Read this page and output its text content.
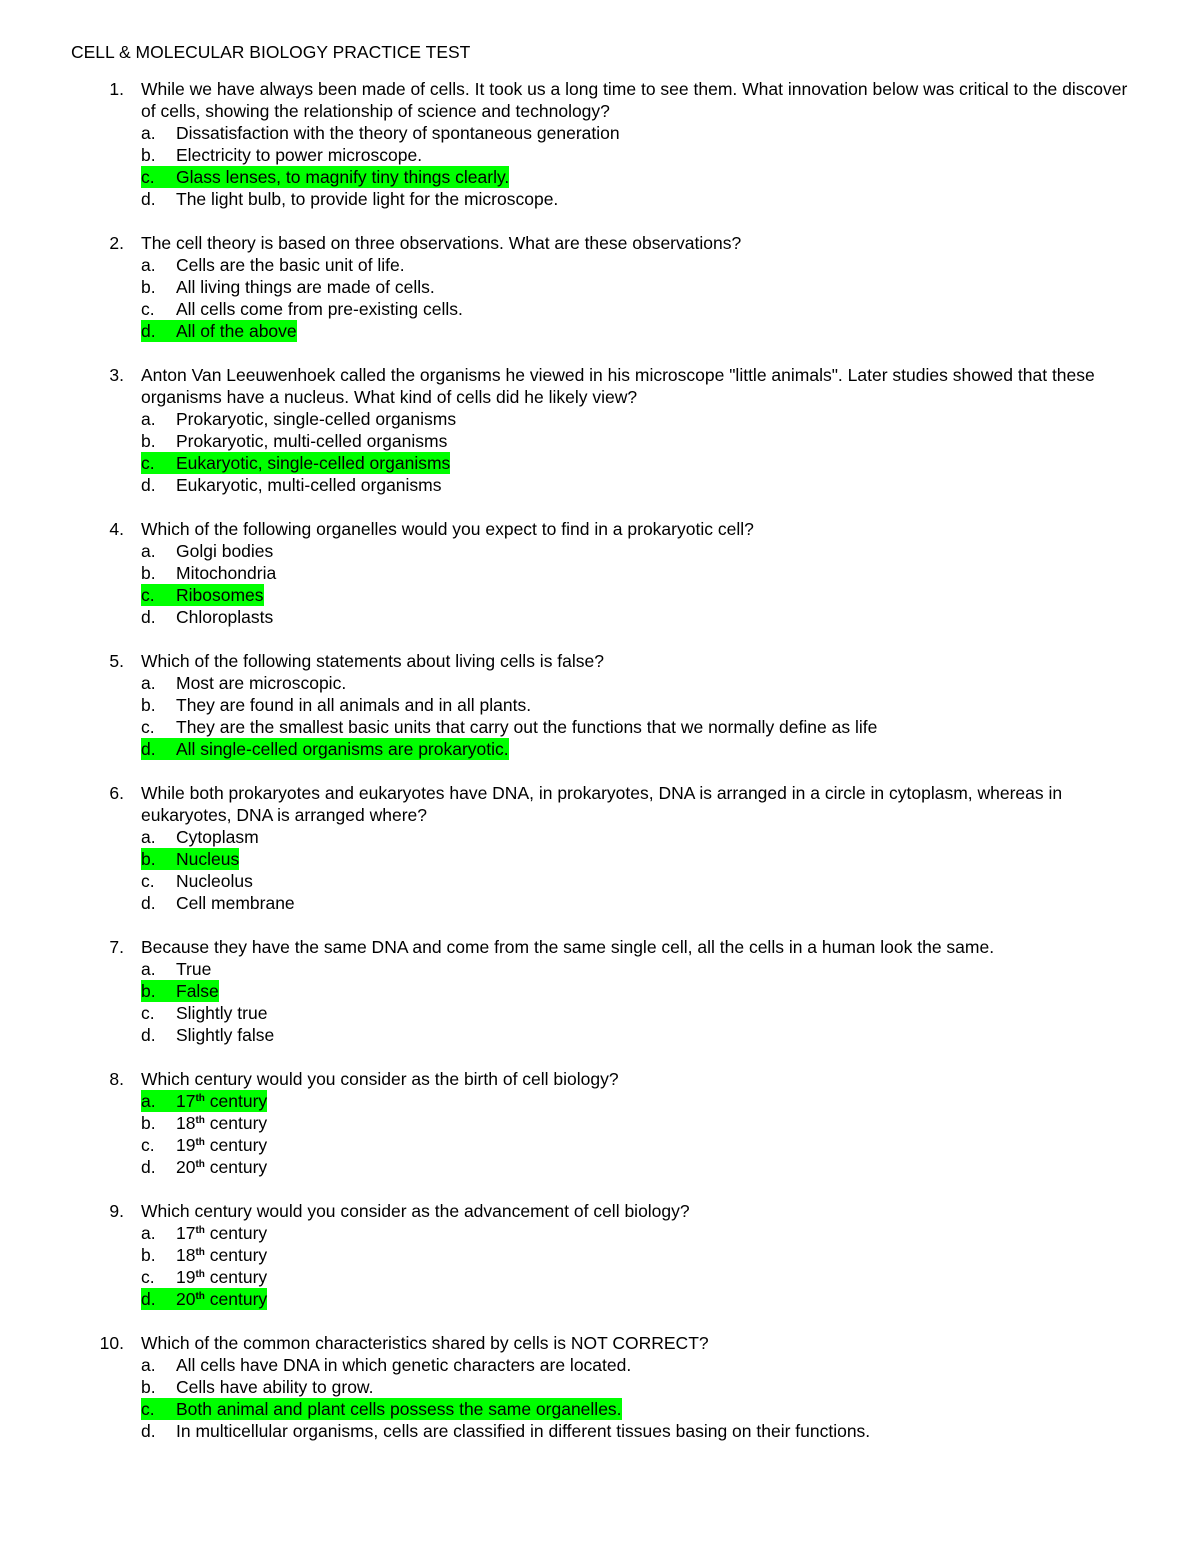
CELL & MOLECULAR BIOLOGY PRACTICE TEST
1. While we have always been made of cells. It took us a long time to see them. What innovation below was critical to the discover of cells, showing the relationship of science and technology?
a. Dissatisfaction with the theory of spontaneous generation
b. Electricity to power microscope.
c. Glass lenses, to magnify tiny things clearly.
d. The light bulb, to provide light for the microscope.
2. The cell theory is based on three observations. What are these observations?
a. Cells are the basic unit of life.
b. All living things are made of cells.
c. All cells come from pre-existing cells.
d. All of the above
3. Anton Van Leeuwenhoek called the organisms he viewed in his microscope "little animals". Later studies showed that these organisms have a nucleus. What kind of cells did he likely view?
a. Prokaryotic, single-celled organisms
b. Prokaryotic, multi-celled organisms
c. Eukaryotic, single-celled organisms
d. Eukaryotic, multi-celled organisms
4. Which of the following organelles would you expect to find in a prokaryotic cell?
a. Golgi bodies
b. Mitochondria
c. Ribosomes
d. Chloroplasts
5. Which of the following statements about living cells is false?
a. Most are microscopic.
b. They are found in all animals and in all plants.
c. They are the smallest basic units that carry out the functions that we normally define as life
d. All single-celled organisms are prokaryotic.
6. While both prokaryotes and eukaryotes have DNA, in prokaryotes, DNA is arranged in a circle in cytoplasm, whereas in eukaryotes, DNA is arranged where?
a. Cytoplasm
b. Nucleus
c. Nucleolus
d. Cell membrane
7. Because they have the same DNA and come from the same single cell, all the cells in a human look the same.
a. True
b. False
c. Slightly true
d. Slightly false
8. Which century would you consider as the birth of cell biology?
a. 17th century
b. 18th century
c. 19th century
d. 20th century
9. Which century would you consider as the advancement of cell biology?
a. 17th century
b. 18th century
c. 19th century
d. 20th century
10. Which of the common characteristics shared by cells is NOT CORRECT?
a. All cells have DNA in which genetic characters are located.
b. Cells have ability to grow.
c. Both animal and plant cells possess the same organelles.
d. In multicellular organisms, cells are classified in different tissues basing on their functions.
